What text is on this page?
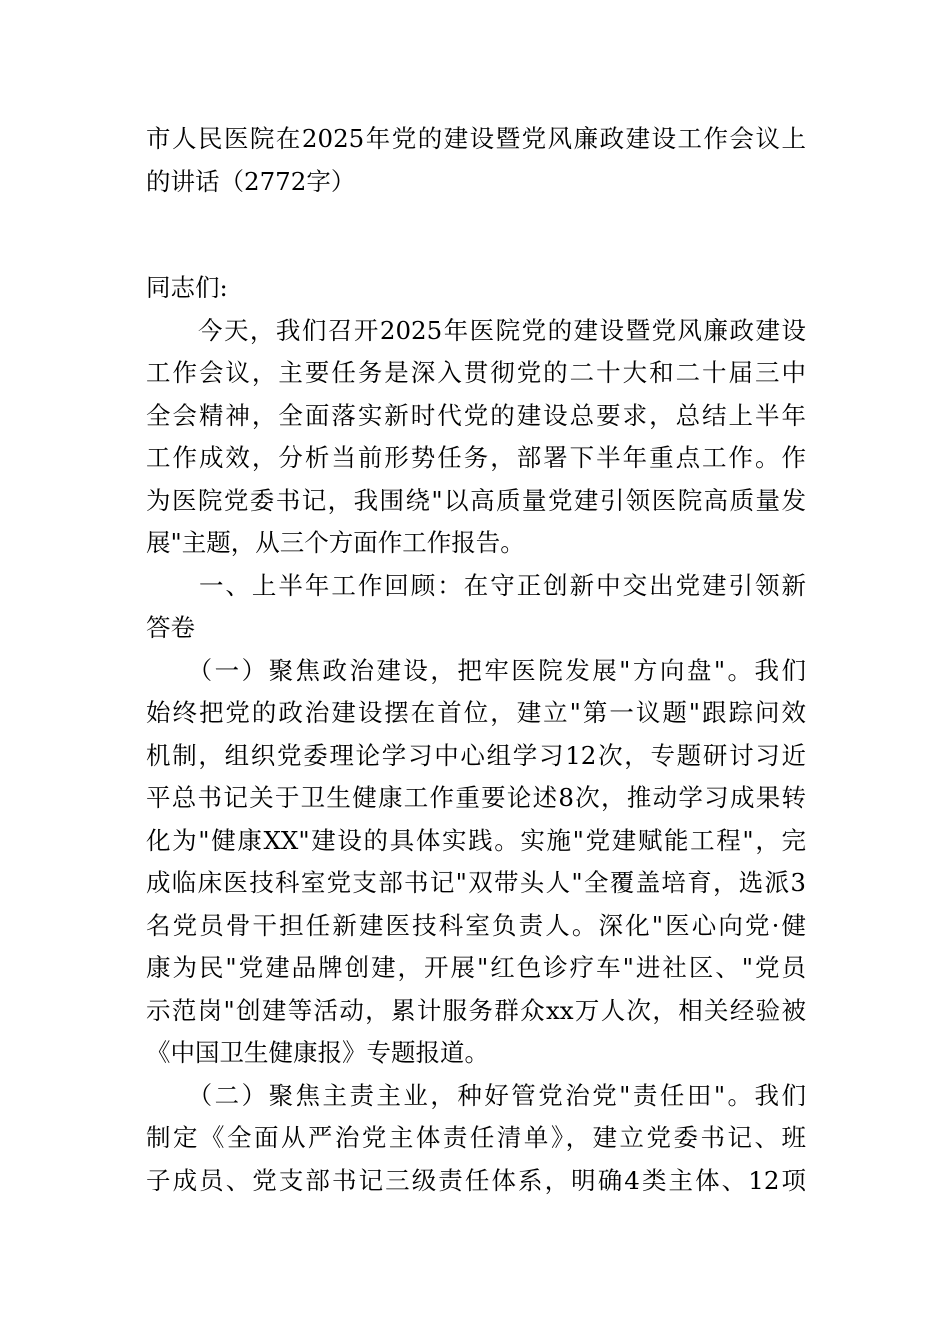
市人民医院在2025年党的建设暨党风廉政建设工作会议上
的讲话（2772字）
同志们:
　　今天，我们召开2025年医院党的建设暨党风廉政建设
工作会议，主要任务是深入贯彻党的二十大和二十届三中
全会精神，全面落实新时代党的建设总要求，总结上半年
工作成效，分析当前形势任务，部署下半年重点工作。作
为医院党委书记，我围绕"以高质量党建引领医院高质量发
展"主题，从三个方面作工作报告。
　　一、上半年工作回顾：在守正创新中交出党建引领新
答卷
　　（一）聚焦政治建设，把牢医院发展"方向盘"。我们
始终把党的政治建设摆在首位，建立"第一议题"跟踪问效
机制，组织党委理论学习中心组学习12次，专题研讨习近
平总书记关于卫生健康工作重要论述8次，推动学习成果转
化为"健康XX"建设的具体实践。实施"党建赋能工程"，完
成临床医技科室党支部书记"双带头人"全覆盖培育，选派3
名党员骨干担任新建医技科室负责人。深化"医心向党·健
康为民"党建品牌创建，开展"红色诊疗车"进社区、"党员
示范岗"创建等活动，累计服务群众xx万人次，相关经验被
《中国卫生健康报》专题报道。
　　（二）聚焦主责主业，种好管党治党"责任田"。我们
制定《全面从严治党主体责任清单》，建立党委书记、班
子成员、党支部书记三级责任体系，明确4类主体、12项
